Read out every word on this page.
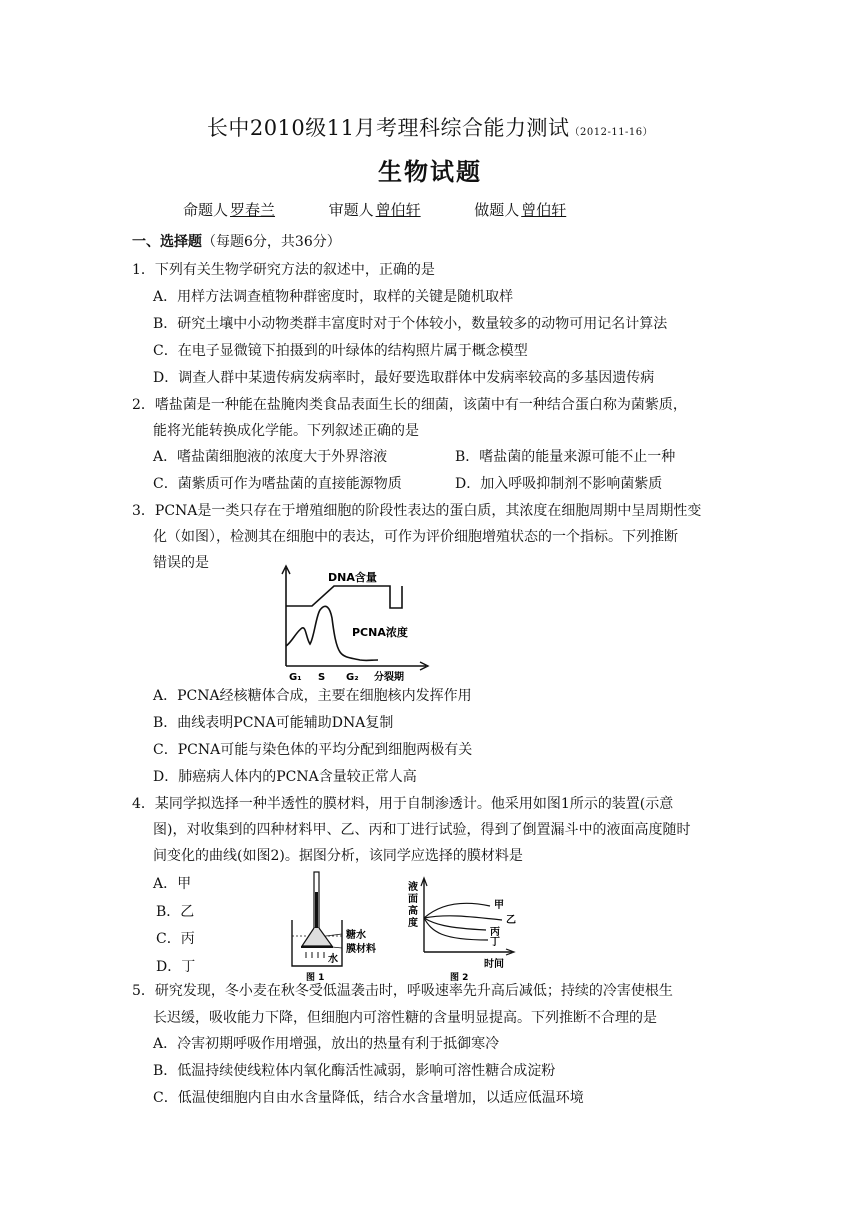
长中2010级11月考理科综合能力测试（2012-11-16）
生物试题
命题人 罗春兰	审题人 曾伯轩	做题人 曾伯轩
一、选择题（每题6分，共36分）
1．下列有关生物学研究方法的叙述中，正确的是
A．用样方法调查植物种群密度时，取样的关键是随机取样
B．研究土壤中小动物类群丰富度时对于个体较小，数量较多的动物可用记名计算法
C．在电子显微镜下拍摄到的叶绿体的结构照片属于概念模型
D．调查人群中某遗传病发病率时，最好要选取群体中发病率较高的多基因遗传病
2．嗜盐菌是一种能在盐腌肉类食品表面生长的细菌，该菌中有一种结合蛋白称为菌紫质，
能将光能转换成化学能。下列叙述正确的是
A．嗜盐菌细胞液的浓度大于外界溶液	B．嗜盐菌的能量来源可能不止一种
C．菌紫质可作为嗜盐菌的直接能源物质	D．加入呼吸抑制剂不影响菌紫质
3．PCNA是一类只存在于增殖细胞的阶段性表达的蛋白质，其浓度在细胞周期中呈周期性变
化（如图），检测其在细胞中的表达，可作为评价细胞增殖状态的一个指标。下列推断
错误的是
DNA含量
PCNA浓度
G₁ S G₂ 分裂期
A．PCNA经核糖体合成，主要在细胞核内发挥作用
B．曲线表明PCNA可能辅助DNA复制
C．PCNA可能与染色体的平均分配到细胞两极有关
D．肺癌病人体内的PCNA含量较正常人高
4．某同学拟选择一种半透性的膜材料，用于自制渗透计。他采用如图1所示的装置(示意
图)，对收集到的四种材料甲、乙、丙和丁进行试验，得到了倒置漏斗中的液面高度随时
间变化的曲线(如图2)。据图分析，该同学应选择的膜材料是
A．甲
B．乙
C．丙
D．丁
糖水
膜材料
水
图 1
液
面
高
度
甲
乙
丙
丁
时间
图 2
5．研究发现，冬小麦在秋冬受低温袭击时，呼吸速率先升高后减低；持续的冷害使根生
长迟缓，吸收能力下降，但细胞内可溶性糖的含量明显提高。下列推断不合理的是
A．冷害初期呼吸作用增强，放出的热量有利于抵御寒冷
B．低温持续使线粒体内氧化酶活性减弱，影响可溶性糖合成淀粉
C．低温使细胞内自由水含量降低，结合水含量增加，以适应低温环境
